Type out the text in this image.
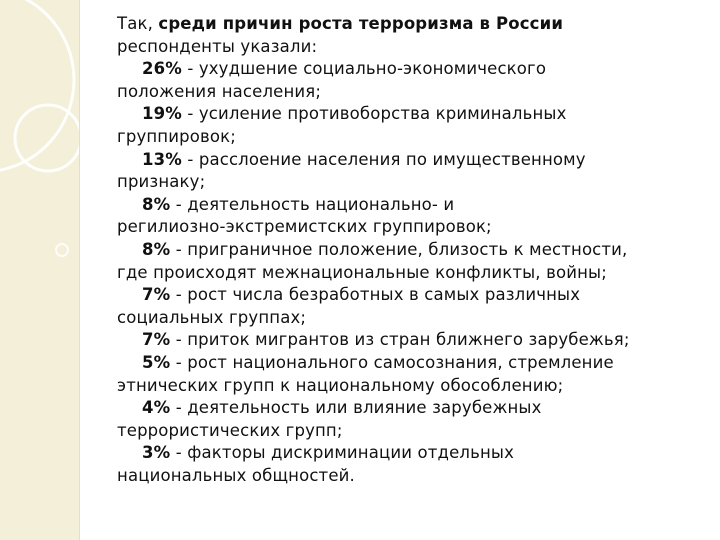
Так, среди причин роста терроризма в России
респонденты указали:
26% - ухудшение социально-экономического
положения населения;
19% - усиление противоборства криминальных
группировок;
13% - расслоение населения по имущественному
признаку;
8% - деятельность национально- и
регилиозно-экстремистских группировок;
8% - приграничное положение, близость к местности,
где происходят межнациональные конфликты, войны;
7% - рост числа безработных в самых различных
социальных группах;
7% - приток мигрантов из стран ближнего зарубежья;
5% - рост национального самосознания, стремление
этнических групп к национальному обособлению;
4% - деятельность или влияние зарубежных
террористических групп;
3% - факторы дискриминации отдельных
национальных общностей.
